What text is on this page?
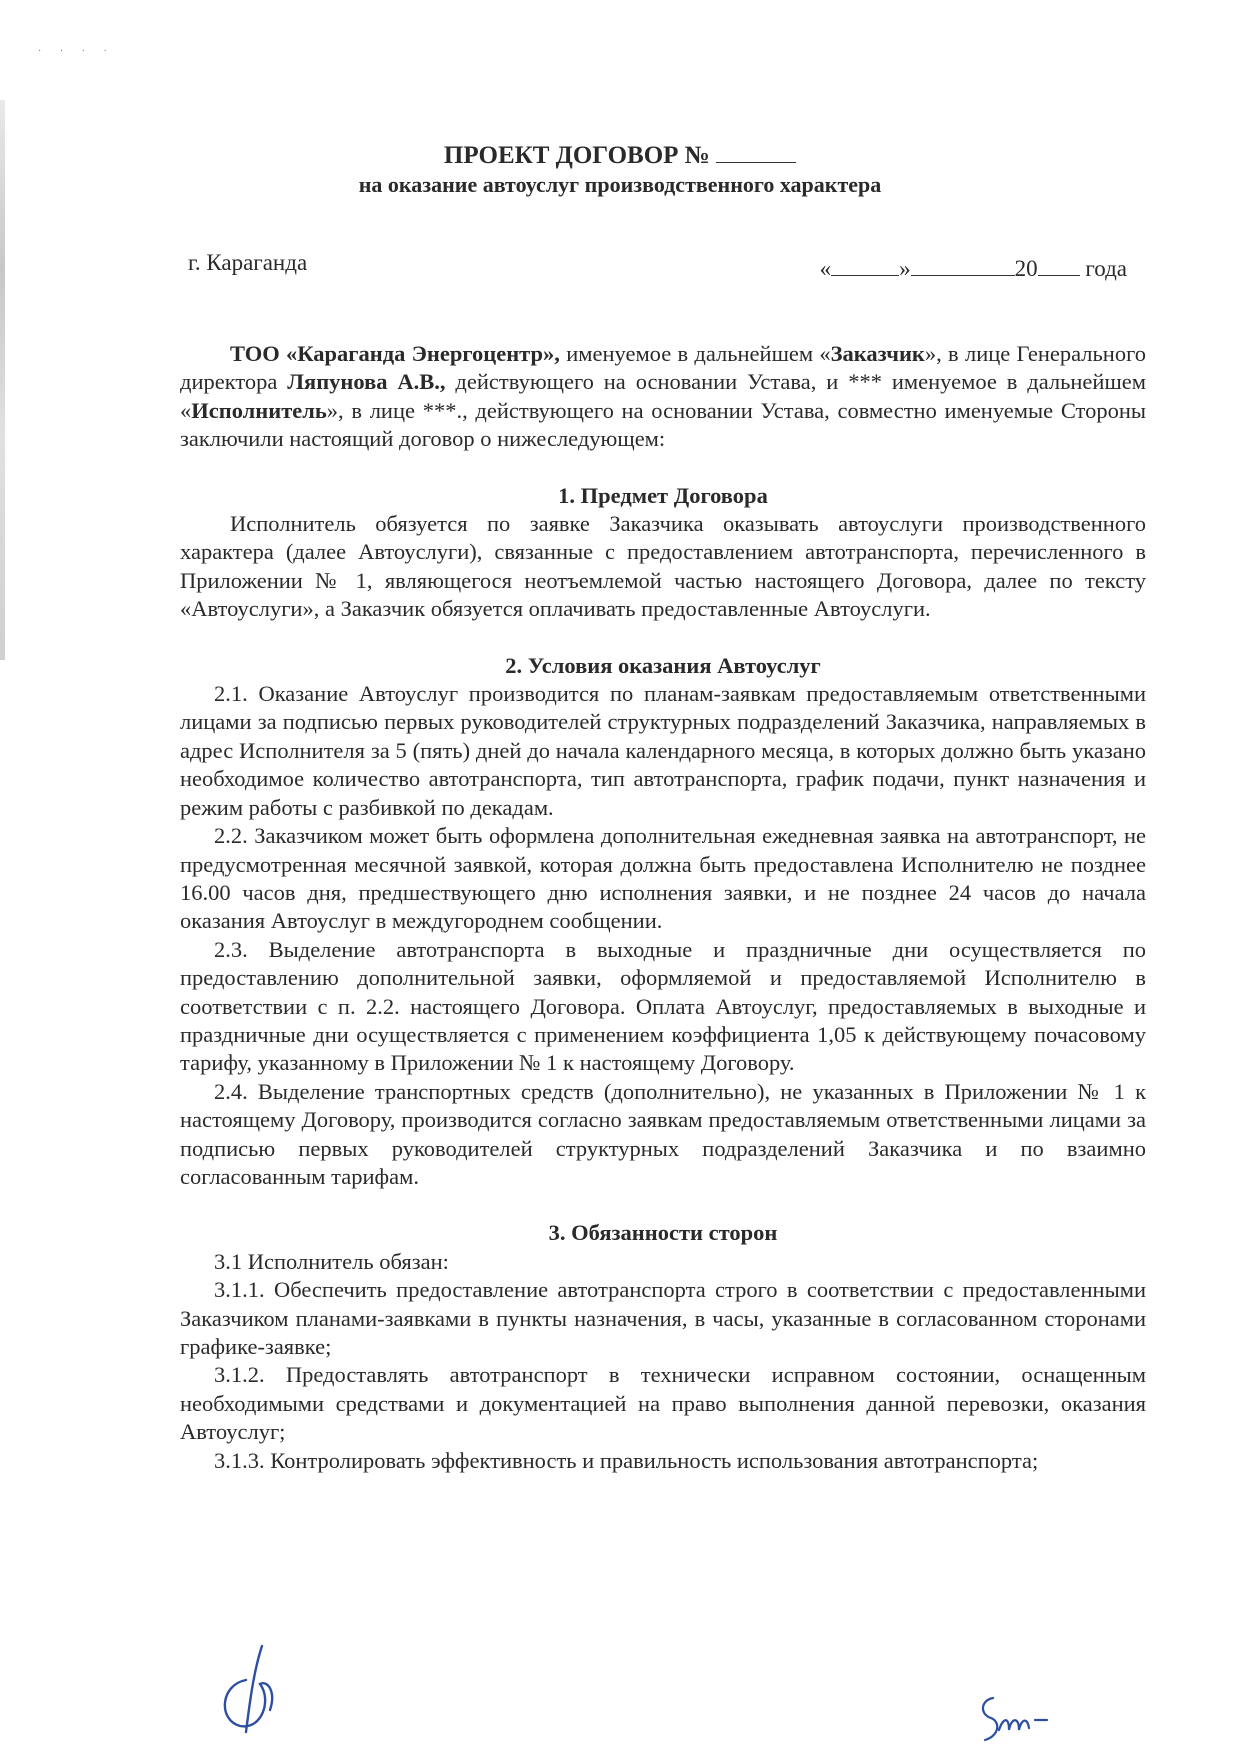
· · · ·
ПРОЕКТ ДОГОВОР №
на оказание автоуслуг производственного характера
г. Караганда	«	»	20 года

ТОО «Караганда Энергоцентр», именуемое в дальнейшем «Заказчик», в лице Генерального директора Ляпунова А.В., действующего на основании Устава, и *** именуемое в дальнейшем «Исполнитель», в лице ***., действующего на основании Устава, совместно именуемые Стороны заключили настоящий договор о нижеследующем:

1. Предмет Договора

Исполнитель обязуется по заявке Заказчика оказывать автоуслуги производственного характера (далее Автоуслуги), связанные с предоставлением автотранспорта, перечисленного в Приложении № 1, являющегося неотъемлемой частью настоящего Договора, далее по тексту «Автоуслуги», а Заказчик обязуется оплачивать предоставленные Автоуслуги.

2. Условия оказания Автоуслуг

2.1. Оказание Автоуслуг производится по планам-заявкам предоставляемым ответственными лицами за подписью первых руководителей структурных подразделений Заказчика, направляемых в адрес Исполнителя за 5 (пять) дней до начала календарного месяца, в которых должно быть указано необходимое количество автотранспорта, тип автотранспорта, график подачи, пункт назначения и режим работы с разбивкой по декадам.

2.2. Заказчиком может быть оформлена дополнительная ежедневная заявка на автотранспорт, не предусмотренная месячной заявкой, которая должна быть предоставлена Исполнителю не позднее 16.00 часов дня, предшествующего дню исполнения заявки, и не позднее 24 часов до начала оказания Автоуслуг в междугороднем сообщении.

2.3. Выделение автотранспорта в выходные и праздничные дни осуществляется по предоставлению дополнительной заявки, оформляемой и предоставляемой Исполнителю в соответствии с п. 2.2. настоящего Договора. Оплата Автоуслуг, предоставляемых в выходные и праздничные дни осуществляется с применением коэффициента 1,05 к действующему почасовому тарифу, указанному в Приложении № 1 к настоящему Договору.

2.4. Выделение транспортных средств (дополнительно), не указанных в Приложении № 1 к настоящему Договору, производится согласно заявкам предоставляемым ответственными лицами за подписью первых руководителей структурных подразделений Заказчика и по взаимно согласованным тарифам.

3. Обязанности сторон

3.1 Исполнитель обязан:

3.1.1. Обеспечить предоставление автотранспорта строго в соответствии с предоставленными Заказчиком планами-заявками в пункты назначения, в часы, указанные в согласованном сторонами графике-заявке;

3.1.2. Предоставлять автотранспорт в технически исправном состоянии, оснащенным необходимыми средствами и документацией на право выполнения данной перевозки, оказания Автоуслуг;

3.1.3. Контролировать эффективность и правильность использования автотранспорта;
